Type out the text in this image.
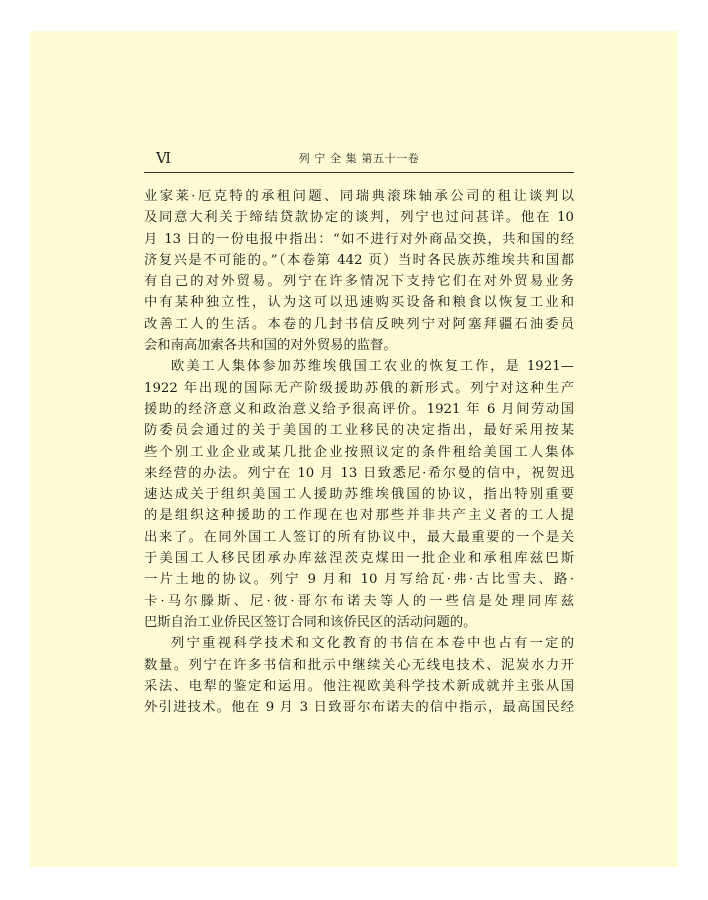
Ⅵ	列 宁 全 集 第五十一卷

业家莱·厄克特的承租问题、同瑞典滚珠轴承公司的租让谈判以
及同意大利关于缔结贷款协定的谈判，列宁也过问甚详。他在 10
月 13 日的一份电报中指出：“如不进行对外商品交换，共和国的经
济复兴是不可能的。”（本卷第 442 页）当时各民族苏维埃共和国都
有自己的对外贸易。列宁在许多情况下支持它们在对外贸易业务
中有某种独立性，认为这可以迅速购买设备和粮食以恢复工业和
改善工人的生活。本卷的几封书信反映列宁对阿塞拜疆石油委员
会和南高加索各共和国的对外贸易的监督。

欧美工人集体参加苏维埃俄国工农业的恢复工作，是 1921—
1922 年出现的国际无产阶级援助苏俄的新形式。列宁对这种生产
援助的经济意义和政治意义给予很高评价。1921 年 6 月间劳动国
防委员会通过的关于美国的工业移民的决定指出，最好采用按某
些个别工业企业或某几批企业按照议定的条件租给美国工人集体
来经营的办法。列宁在 10 月 13 日致悉尼·希尔曼的信中，祝贺迅
速达成关于组织美国工人援助苏维埃俄国的协议，指出特别重要
的是组织这种援助的工作现在也对那些并非共产主义者的工人提
出来了。在同外国工人签订的所有协议中，最大最重要的一个是关
于美国工人移民团承办库兹涅茨克煤田一批企业和承租库兹巴斯
一片土地的协议。列宁 9 月和 10 月写给瓦·弗·古比雪夫、路·
卡·马尔滕斯、尼·彼·哥尔布诺夫等人的一些信是处理同库兹
巴斯自治工业侨民区签订合同和该侨民区的活动问题的。

列宁重视科学技术和文化教育的书信在本卷中也占有一定的
数量。列宁在许多书信和批示中继续关心无线电技术、泥炭水力开
采法、电犁的鉴定和运用。他注视欧美科学技术新成就并主张从国
外引进技术。他在 9 月 3 日致哥尔布诺夫的信中指示，最高国民经
